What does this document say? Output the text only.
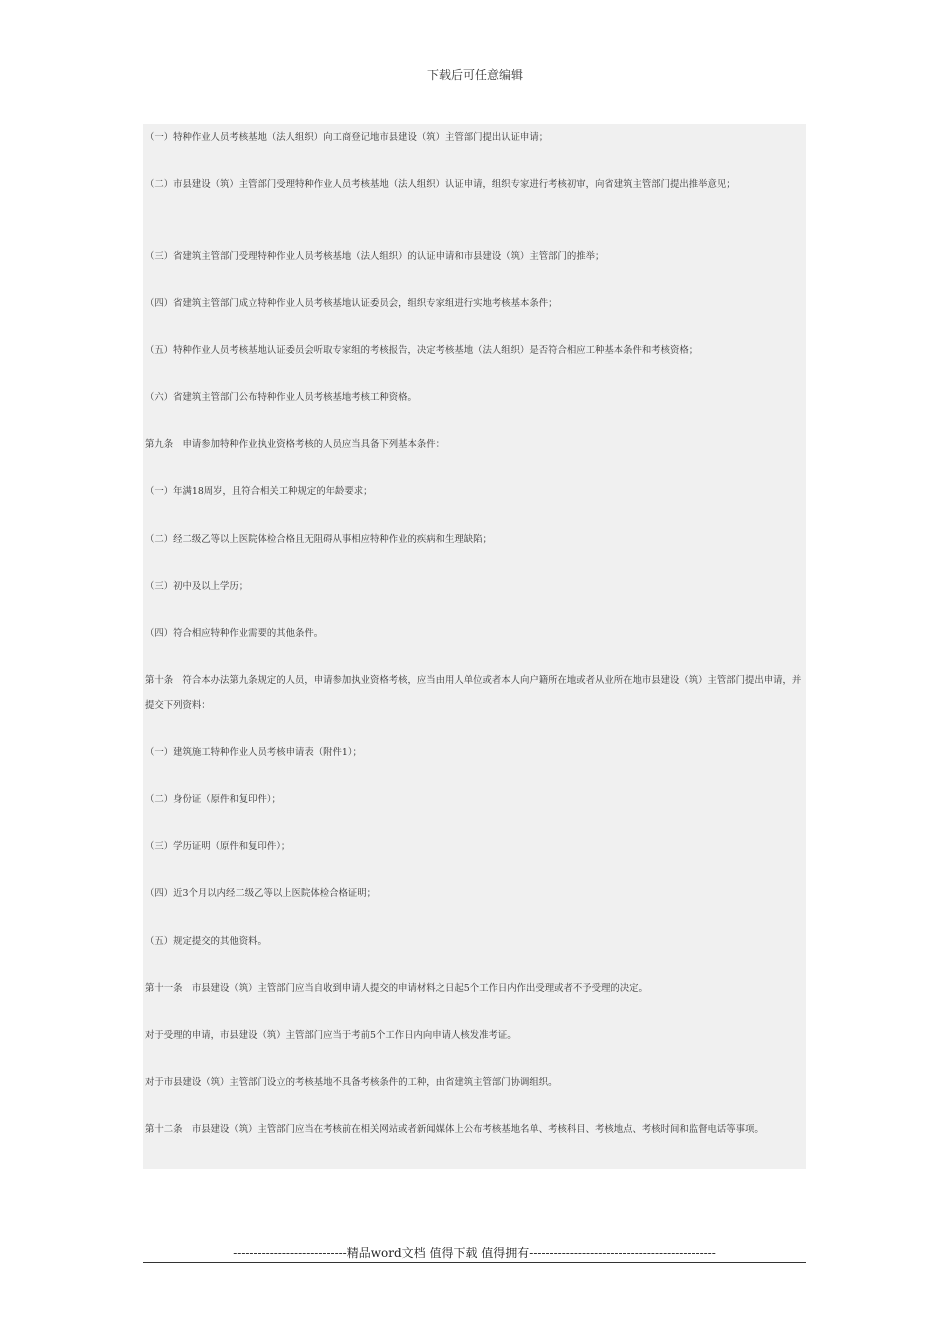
下载后可任意编辑
（一）特种作业人员考核基地（法人组织）向工商登记地市县建设（筑）主管部门提出认证申请；
（二）市县建设（筑）主管部门受理特种作业人员考核基地（法人组织）认证申请，组织专家进行考核初审，向省建筑主管部门提出推举意见；
（三）省建筑主管部门受理特种作业人员考核基地（法人组织）的认证申请和市县建设（筑）主管部门的推举；
（四）省建筑主管部门成立特种作业人员考核基地认证委员会，组织专家组进行实地考核基本条件；
（五）特种作业人员考核基地认证委员会听取专家组的考核报告，决定考核基地（法人组织）是否符合相应工种基本条件和考核资格；
（六）省建筑主管部门公布特种作业人员考核基地考核工种资格。
第九条　申请参加特种作业执业资格考核的人员应当具备下列基本条件：
（一）年满18周岁，且符合相关工种规定的年龄要求；
（二）经二级乙等以上医院体检合格且无阻碍从事相应特种作业的疾病和生理缺陷；
（三）初中及以上学历；
（四）符合相应特种作业需要的其他条件。
第十条　符合本办法第九条规定的人员，申请参加执业资格考核，应当由用人单位或者本人向户籍所在地或者从业所在地市县建设（筑）主管部门提出申请，并提交下列资料：
（一）建筑施工特种作业人员考核申请表（附件1）；
（二）身份证（原件和复印件）；
（三）学历证明（原件和复印件）；
（四）近3个月以内经二级乙等以上医院体检合格证明；
（五）规定提交的其他资料。
第十一条　市县建设（筑）主管部门应当自收到申请人提交的申请材料之日起5个工作日内作出受理或者不予受理的决定。
对于受理的申请，市县建设（筑）主管部门应当于考前5个工作日内向申请人核发准考证。
对于市县建设（筑）主管部门设立的考核基地不具备考核条件的工种，由省建筑主管部门协调组织。
第十二条　市县建设（筑）主管部门应当在考核前在相关网站或者新闻媒体上公布考核基地名单、考核科目、考核地点、考核时间和监督电话等事项。
----------------------------精品word文档 值得下载 值得拥有----------------------------------------------
